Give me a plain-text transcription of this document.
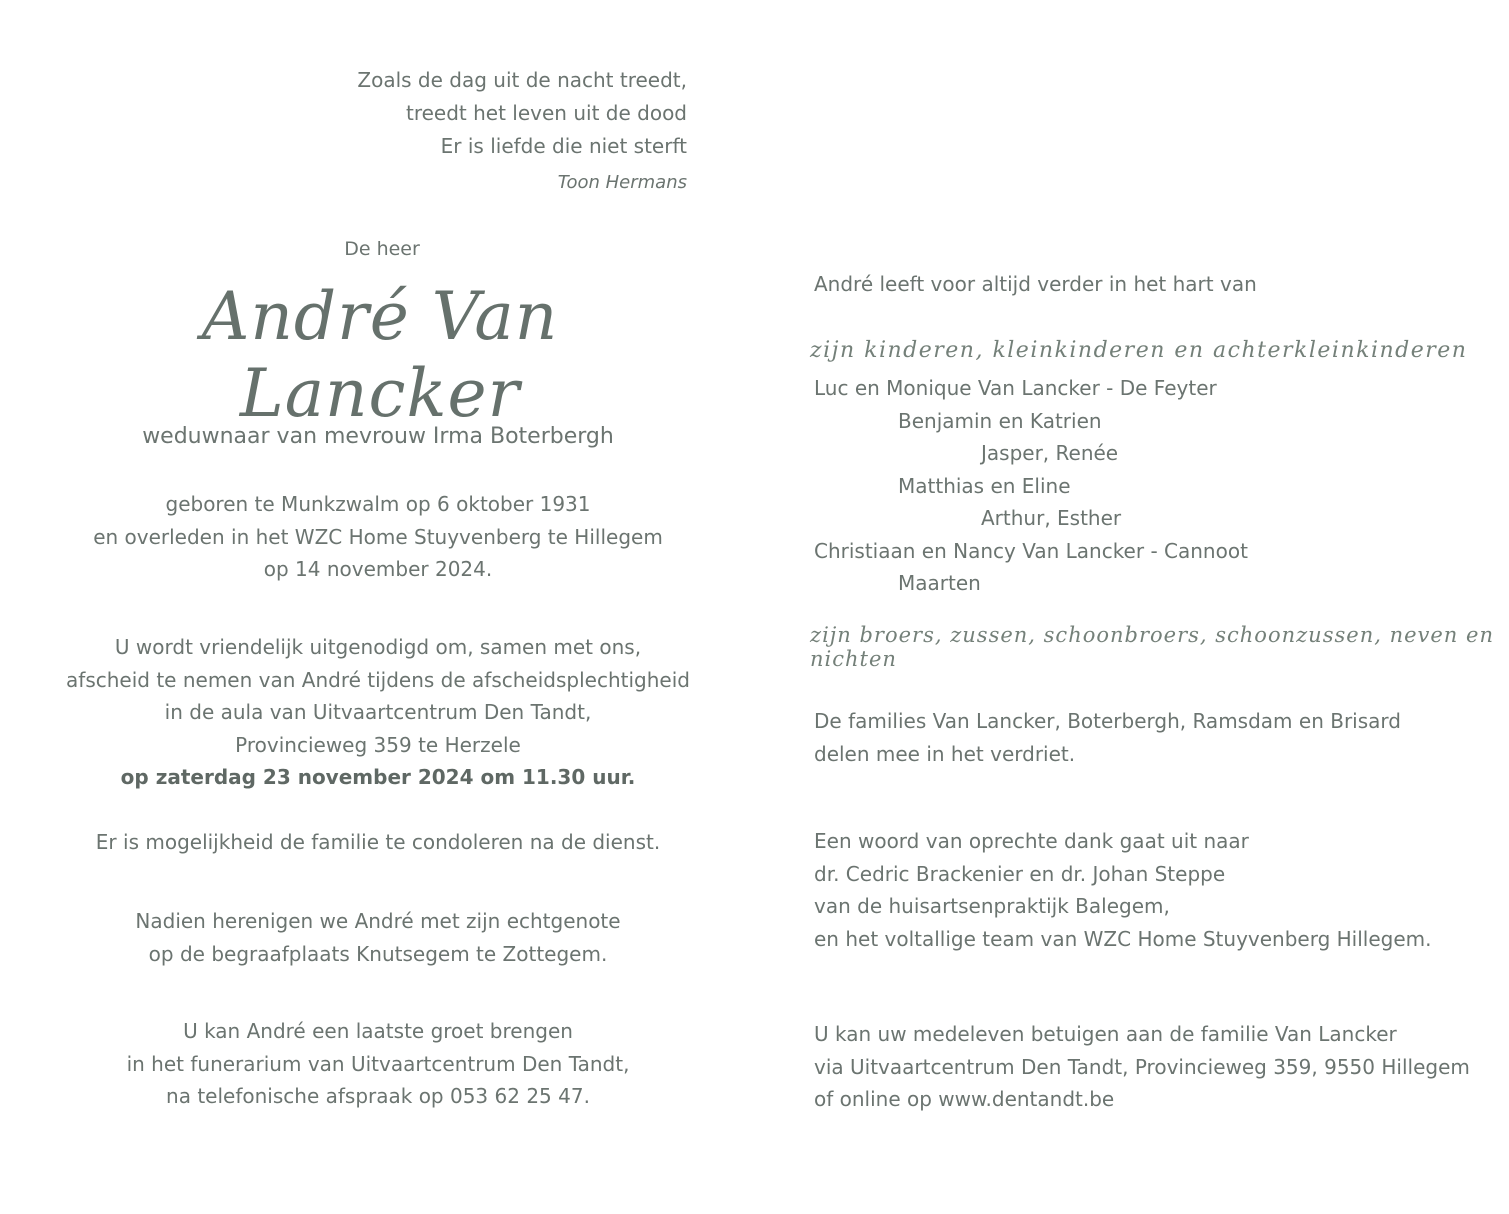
Zoals de dag uit de nacht treedt,
treedt het leven uit de dood
Er is liefde die niet sterft
Toon Hermans
De heer
André Van Lancker
weduwnaar van mevrouw Irma Boterbergh
geboren te Munkzwalm op 6 oktober 1931
en overleden in het WZC Home Stuyvenberg te Hillegem
op 14 november 2024.
U wordt vriendelijk uitgenodigd om, samen met ons,
afscheid te nemen van André tijdens de afscheidsplechtigheid
in de aula van Uitvaartcentrum Den Tandt,
Provincieweg 359 te Herzele
op zaterdag 23 november 2024 om 11.30 uur.
Er is mogelijkheid de familie te condoleren na de dienst.
Nadien herenigen we André met zijn echtgenote
op de begraafplaats Knutsegem te Zottegem.
U kan André een laatste groet brengen
in het funerarium van Uitvaartcentrum Den Tandt,
na telefonische afspraak op 053 62 25 47.
André leeft voor altijd verder in het hart van
zijn kinderen, kleinkinderen en achterkleinkinderen
Luc en Monique Van Lancker - De Feyter
Benjamin en Katrien
Jasper, Renée
Matthias en Eline
Arthur, Esther
Christiaan en Nancy Van Lancker - Cannoot
Maarten
zijn broers, zussen, schoonbroers, schoonzussen, neven en nichten
De families Van Lancker, Boterbergh, Ramsdam en Brisard
delen mee in het verdriet.
Een woord van oprechte dank gaat uit naar
dr. Cedric Brackenier en dr. Johan Steppe
van de huisartsenpraktijk Balegem,
en het voltallige team van WZC Home Stuyvenberg Hillegem.
U kan uw medeleven betuigen aan de familie Van Lancker
via Uitvaartcentrum Den Tandt, Provincieweg 359, 9550 Hillegem
of online op www.dentandt.be
